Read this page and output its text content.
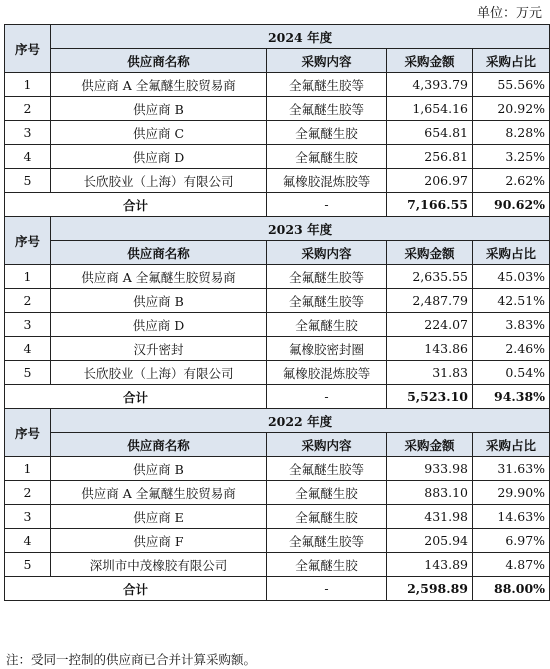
单位：万元
序号	2024 年度			
	供应商名称	采购内容	采购金额	采购占比
1	供应商 A 全氟醚生胶贸易商	全氟醚生胶等	4,393.79	55.56%
2	供应商 B	全氟醚生胶等	1,654.16	20.92%
3	供应商 C	全氟醚生胶	654.81	8.28%
4	供应商 D	全氟醚生胶	256.81	3.25%
5	长欣胶业（上海）有限公司	氟橡胶混炼胶等	206.97	2.62%
合计		-	7,166.55	90.62%
序号	2023 年度			
	供应商名称	采购内容	采购金额	采购占比
1	供应商 A 全氟醚生胶贸易商	全氟醚生胶等	2,635.55	45.03%
2	供应商 B	全氟醚生胶等	2,487.79	42.51%
3	供应商 D	全氟醚生胶	224.07	3.83%
4	汉升密封	氟橡胶密封圈	143.86	2.46%
5	长欣胶业（上海）有限公司	氟橡胶混炼胶等	31.83	0.54%
合计		-	5,523.10	94.38%
序号	2022 年度			
	供应商名称	采购内容	采购金额	采购占比
1	供应商 B	全氟醚生胶等	933.98	31.63%
2	供应商 A 全氟醚生胶贸易商	全氟醚生胶	883.10	29.90%
3	供应商 E	全氟醚生胶	431.98	14.63%
4	供应商 F	全氟醚生胶等	205.94	6.97%
5	深圳市中茂橡胶有限公司	全氟醚生胶	143.89	4.87%
合计		-	2,598.89	88.00%
注：受同一控制的供应商已合并计算采购额。
